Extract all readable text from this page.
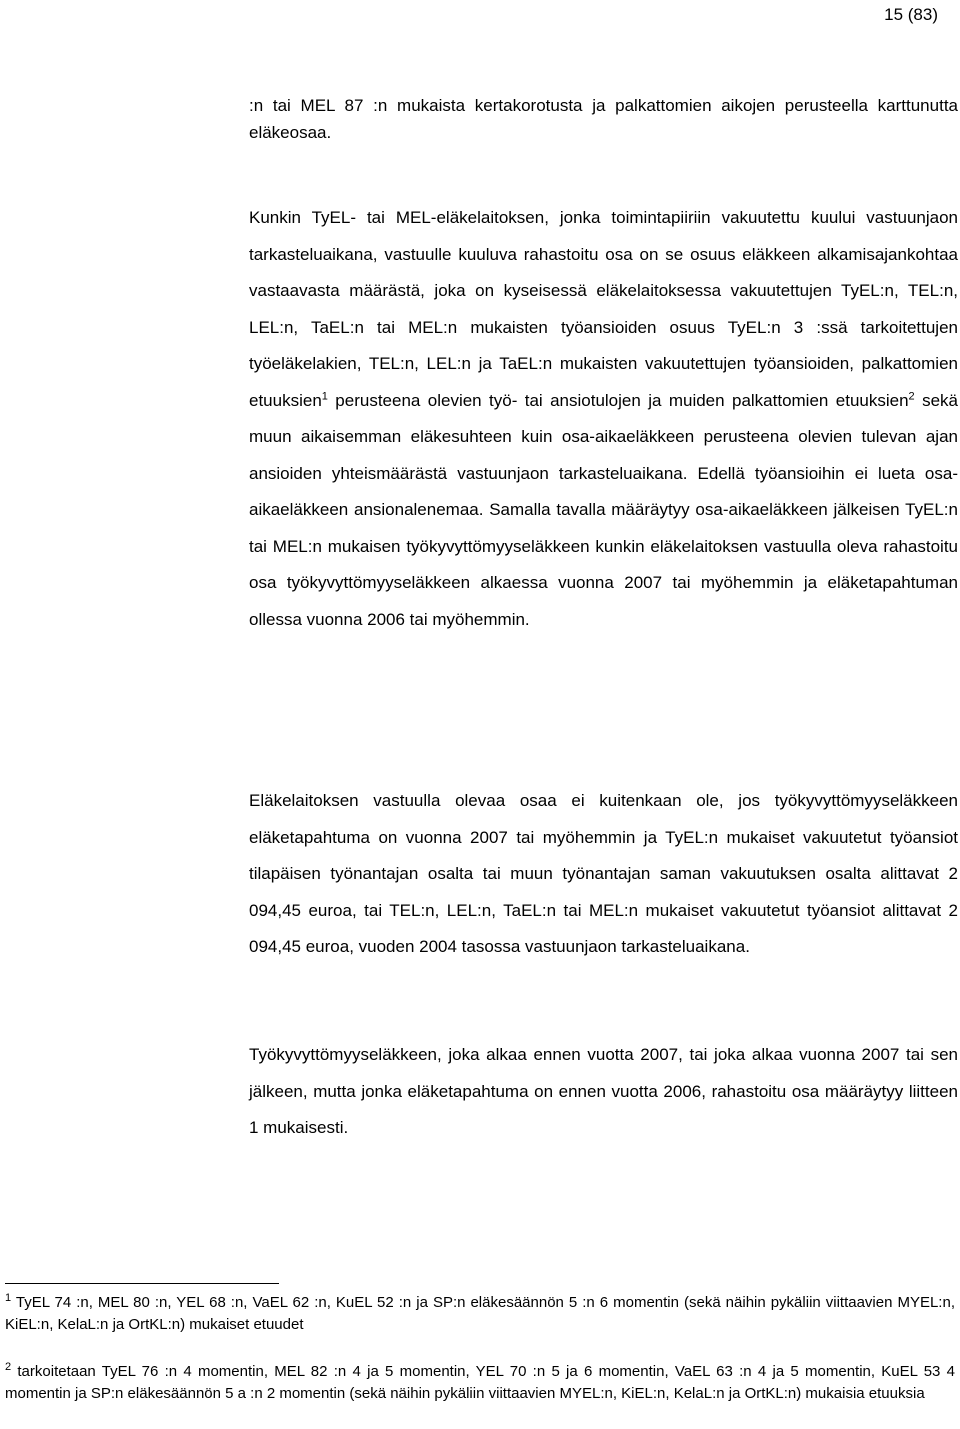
15 (83)

:n tai MEL 87 :n mukaista kertakorotusta ja palkattomien aikojen perusteella karttunutta eläkeosaa.

Kunkin TyEL- tai MEL-eläkelaitoksen, jonka toimintapiiriin vakuutettu kuului vastuunjaon tarkasteluaikana, vastuulle kuuluva rahastoitu osa on se osuus eläkkeen alkamisajankohtaa vastaavasta määrästä, joka on kyseisessä eläkelaitoksessa vakuutettujen TyEL:n, TEL:n, LEL:n, TaEL:n tai MEL:n mukaisten työansioiden osuus TyEL:n 3 :ssä tarkoitettujen työeläkelakien, TEL:n, LEL:n ja TaEL:n mukaisten vakuutettujen työansioiden, palkattomien etuuksien$^1$ perusteena olevien työ- tai ansiotulojen ja muiden palkattomien etuuksien$^2$ sekä muun aikaisemman eläkesuhteen kuin osa-aikaeläkkeen perusteena olevien tulevan ajan ansioiden yhteismäärästä vastuunjaon tarkasteluaikana. Edellä työansioihin ei lueta osa-aikaeläkkeen ansionalenemaa. Samalla tavalla määräytyy osa-aikaeläkkeen jälkeisen TyEL:n tai MEL:n mukaisen työkyvyttömyyseläkkeen kunkin eläkelaitoksen vastuulla oleva rahastoitu osa työkyvyttömyyseläkkeen alkaessa vuonna 2007 tai myöhemmin ja eläketapahtuman ollessa vuonna 2006 tai myöhemmin.

Eläkelaitoksen vastuulla olevaa osaa ei kuitenkaan ole, jos työkyvyttömyyseläkkeen eläketapahtuma on vuonna 2007 tai myöhemmin ja TyEL:n mukaiset vakuutetut työansiot tilapäisen työnantajan osalta tai muun työnantajan saman vakuutuksen osalta alittavat 2 094,45 euroa, tai TEL:n, LEL:n, TaEL:n tai MEL:n mukaiset vakuutetut työansiot alittavat 2 094,45 euroa, vuoden 2004 tasossa vastuunjaon tarkasteluaikana.

Työkyvyttömyyseläkkeen, joka alkaa ennen vuotta 2007, tai joka alkaa vuonna 2007 tai sen jälkeen, mutta jonka eläketapahtuma on ennen vuotta 2006, rahastoitu osa määräytyy liitteen 1 mukaisesti.

$^1$ TyEL 74 :n, MEL 80 :n, YEL 68 :n, VaEL 62 :n, KuEL 52 :n ja SP:n eläkesäännön 5 :n 6 momentin (sekä näihin pykäliin viittaavien MYEL:n, KiEL:n, KelaL:n ja OrtKL:n) mukaiset etuudet

$^2$ tarkoitetaan TyEL 76 :n 4 momentin, MEL 82 :n 4 ja 5 momentin, YEL 70 :n 5 ja 6 momentin, VaEL 63 :n 4 ja 5 momentin, KuEL 53 4 momentin ja SP:n eläkesäännön 5 a :n 2 momentin (sekä näihin pykäliin viittaavien MYEL:n, KiEL:n, KelaL:n ja OrtKL:n) mukaisia etuuksia
